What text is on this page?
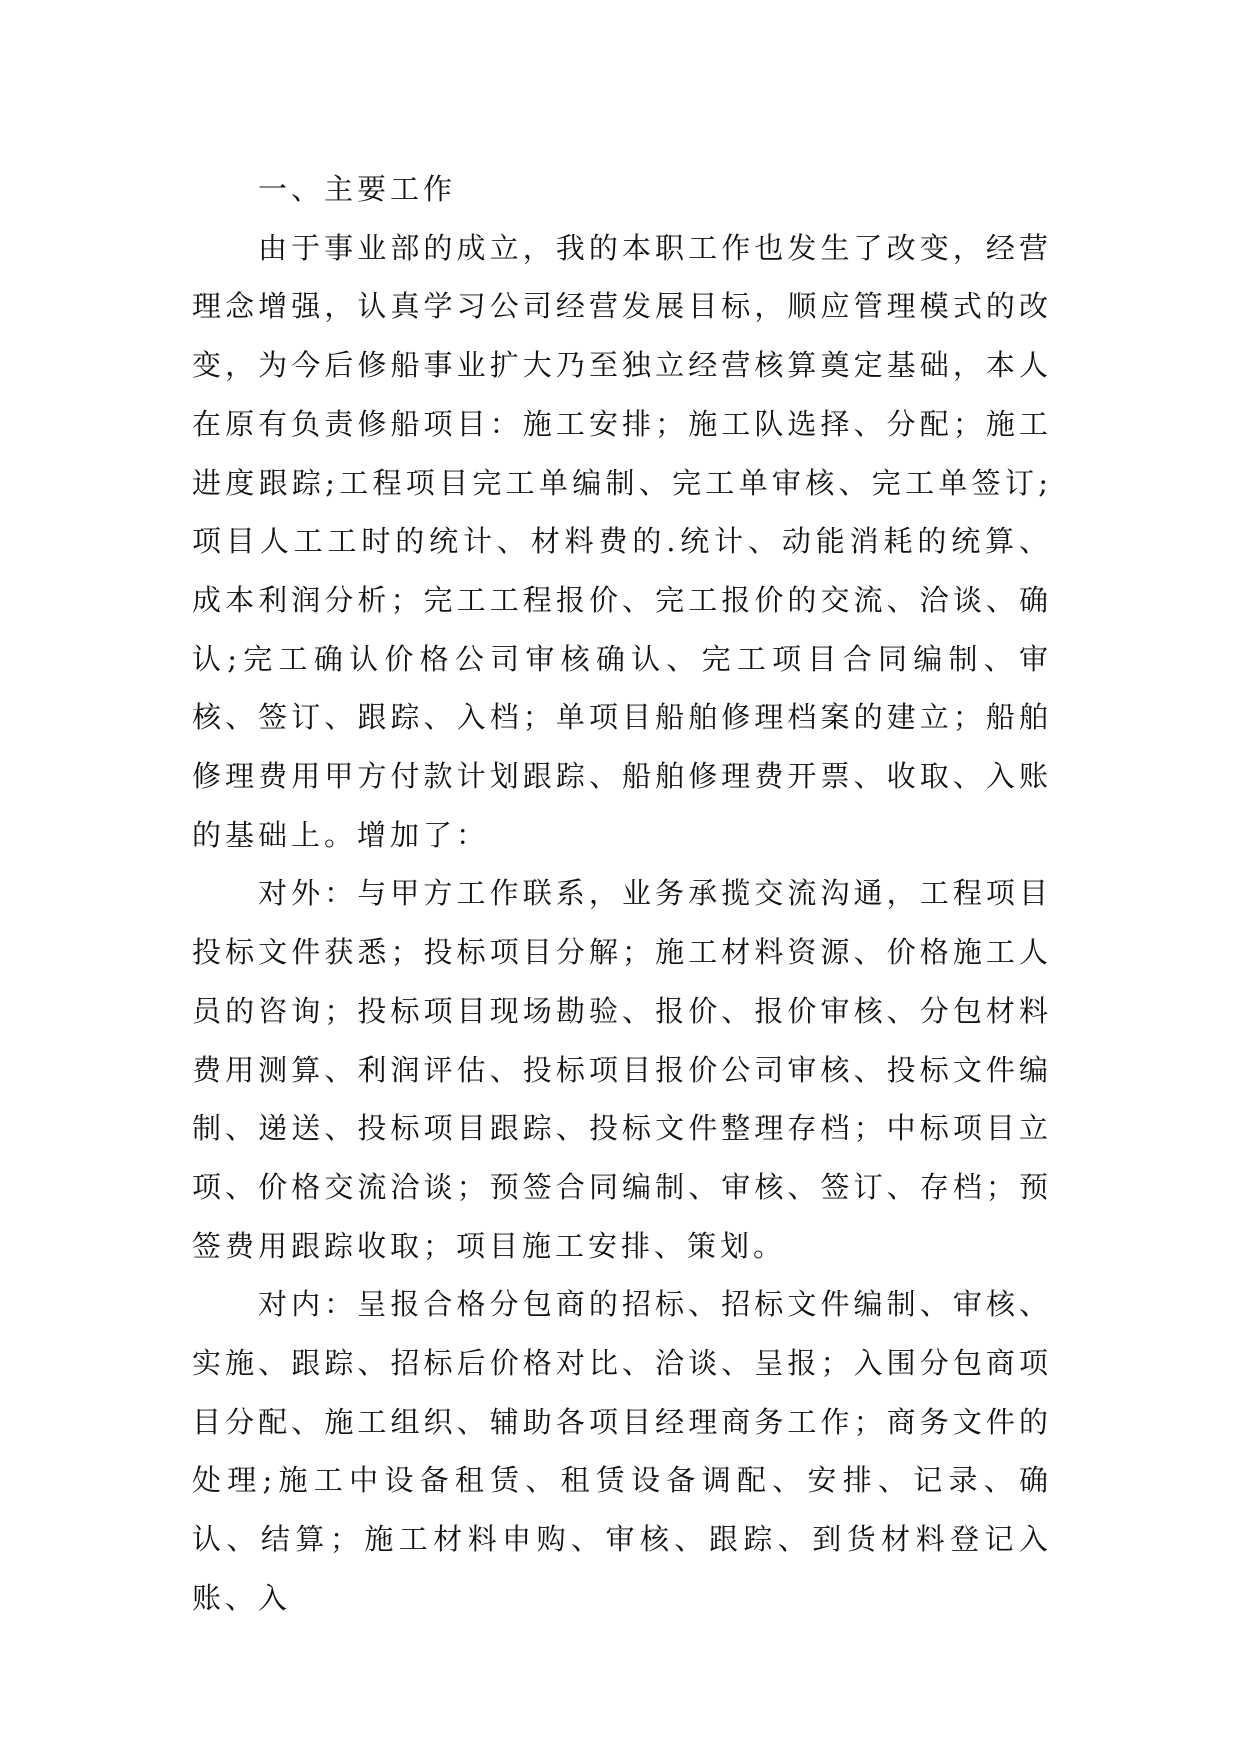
一、主要工作

由于事业部的成立，我的本职工作也发生了改变，经营理念增强，认真学习公司经营发展目标，顺应管理模式的改变，为今后修船事业扩大乃至独立经营核算奠定基础，本人在原有负责修船项目：施工安排；施工队选择、分配；施工进度跟踪;工程项目完工单编制、完工单审核、完工单签订;项目人工工时的统计、材料费的.统计、动能消耗的统算、成本利润分析；完工工程报价、完工报价的交流、洽谈、确认;完工确认价格公司审核确认、完工项目合同编制、审核、签订、跟踪、入档；单项目船舶修理档案的建立；船舶修理费用甲方付款计划跟踪、船舶修理费开票、收取、入账的基础上。增加了：

对外：与甲方工作联系，业务承揽交流沟通，工程项目投标文件获悉；投标项目分解；施工材料资源、价格施工人员的咨询；投标项目现场勘验、报价、报价审核、分包材料费用测算、利润评估、投标项目报价公司审核、投标文件编制、递送、投标项目跟踪、投标文件整理存档；中标项目立项、价格交流洽谈；预签合同编制、审核、签订、存档；预签费用跟踪收取；项目施工安排、策划。

对内：呈报合格分包商的招标、招标文件编制、审核、实施、跟踪、招标后价格对比、洽谈、呈报；入围分包商项目分配、施工组织、辅助各项目经理商务工作；商务文件的处理;施工中设备租赁、租赁设备调配、安排、记录、确认、结算；施工材料申购、审核、跟踪、到货材料登记入账、入
